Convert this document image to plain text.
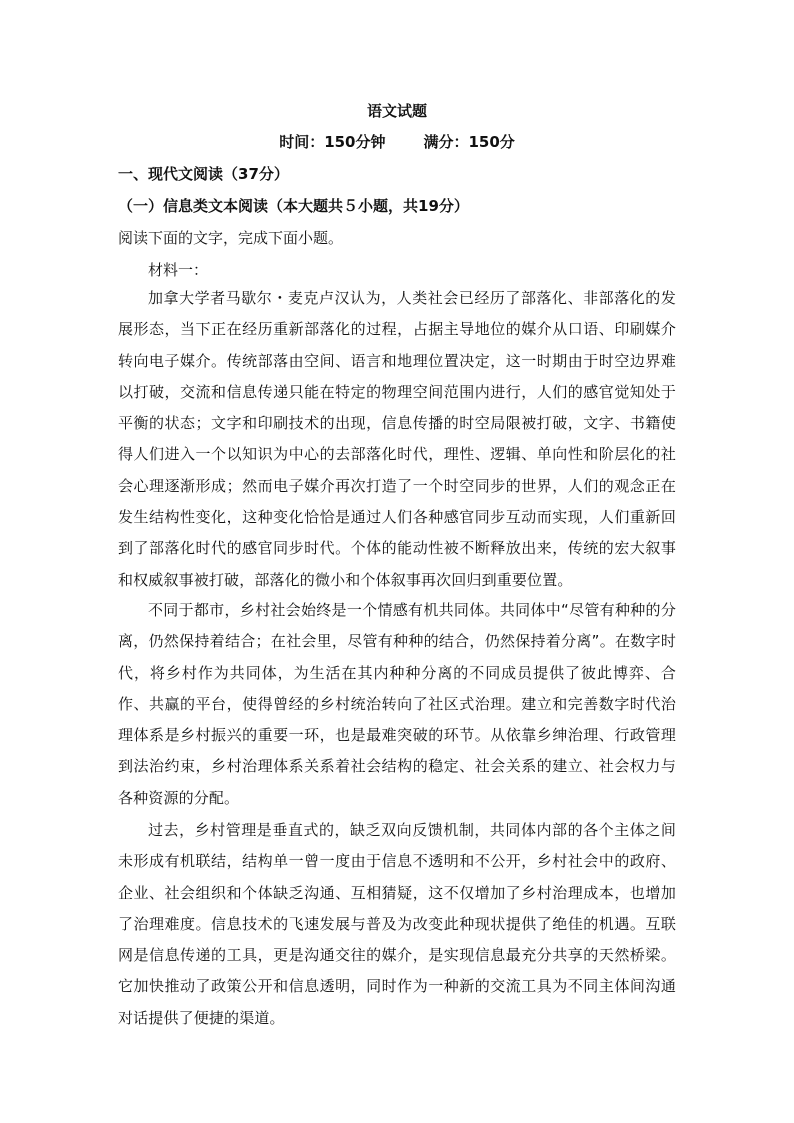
语文试题
时间：150分钟	满分：150分
一、现代文阅读（37分）
（一）信息类文本阅读（本大题共５小题，共19分）
阅读下面的文字，完成下面小题。
材料一：

加拿大学者马歇尔・麦克卢汉认为，人类社会已经历了部落化、非部落化的发展形态，当下正在经历重新部落化的过程，占据主导地位的媒介从口语、印刷媒介转向电子媒介。传统部落由空间、语言和地理位置决定，这一时期由于时空边界难以打破，交流和信息传递只能在特定的物理空间范围内进行，人们的感官觉知处于平衡的状态；文字和印刷技术的出现，信息传播的时空局限被打破，文字、书籍使得人们进入一个以知识为中心的去部落化时代，理性、逻辑、单向性和阶层化的社会心理逐渐形成；然而电子媒介再次打造了一个时空同步的世界，人们的观念正在发生结构性变化，这种变化恰恰是通过人们各种感官同步互动而实现，人们重新回到了部落化时代的感官同步时代。个体的能动性被不断释放出来，传统的宏大叙事和权威叙事被打破，部落化的微小和个体叙事再次回归到重要位置。

不同于都市，乡村社会始终是一个情感有机共同体。共同体中“尽管有种种的分离，仍然保持着结合；在社会里，尽管有种种的结合，仍然保持着分离”。在数字时代，将乡村作为共同体，为生活在其内种种分离的不同成员提供了彼此博弈、合作、共赢的平台，使得曾经的乡村统治转向了社区式治理。建立和完善数字时代治理体系是乡村振兴的重要一环，也是最难突破的环节。从依靠乡绅治理、行政管理到法治约束，乡村治理体系关系着社会结构的稳定、社会关系的建立、社会权力与各种资源的分配。

过去，乡村管理是垂直式的，缺乏双向反馈机制，共同体内部的各个主体之间未形成有机联结，结构单一曾一度由于信息不透明和不公开，乡村社会中的政府、企业、社会组织和个体缺乏沟通、互相猜疑，这不仅增加了乡村治理成本，也增加了治理难度。信息技术的飞速发展与普及为改变此种现状提供了绝佳的机遇。互联网是信息传递的工具，更是沟通交往的媒介，是实现信息最充分共享的天然桥梁。它加快推动了政策公开和信息透明，同时作为一种新的交流工具为不同主体间沟通对话提供了便捷的渠道。
